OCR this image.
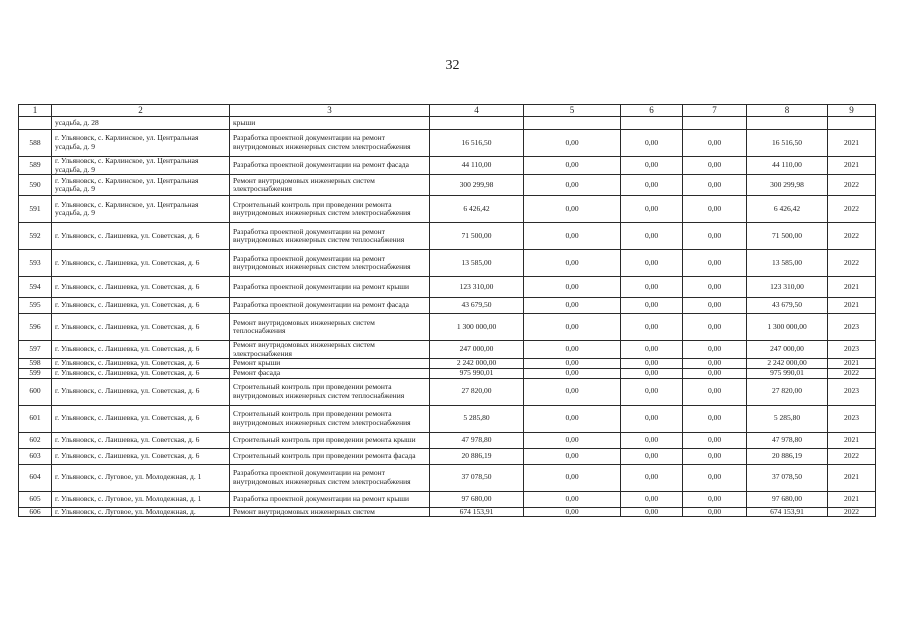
32
1	2	3	4	5	6	7	8	9
	усадьба, д. 28	крыши						
588	г. Ульяновск, с. Карлинское, ул. Центральная усадьба, д. 9	Разработка проектной документации на ремонт внутридомовых инженерных систем электроснабжения	16 516,50	0,00	0,00	0,00	16 516,50	2021
589	г. Ульяновск, с. Карлинское, ул. Центральная усадьба, д. 9	Разработка проектной документации на ремонт фасада	44 110,00	0,00	0,00	0,00	44 110,00	2021
590	г. Ульяновск, с. Карлинское, ул. Центральная усадьба, д. 9	Ремонт внутридомовых инженерных систем электроснабжения	300 299,98	0,00	0,00	0,00	300 299,98	2022
591	г. Ульяновск, с. Карлинское, ул. Центральная усадьба, д. 9	Строительный контроль при проведении ремонта внутридомовых инженерных систем электроснабжения	6 426,42	0,00	0,00	0,00	6 426,42	2022
592	г. Ульяновск, с. Лаишевка, ул. Советская, д. 6	Разработка проектной документации на ремонт внутридомовых инженерных систем теплоснабжения	71 500,00	0,00	0,00	0,00	71 500,00	2022
593	г. Ульяновск, с. Лаишевка, ул. Советская, д. 6	Разработка проектной документации на ремонт внутридомовых инженерных систем электроснабжения	13 585,00	0,00	0,00	0,00	13 585,00	2022
594	г. Ульяновск, с. Лаишевка, ул. Советская, д. 6	Разработка проектной документации на ремонт крыши	123 310,00	0,00	0,00	0,00	123 310,00	2021
595	г. Ульяновск, с. Лаишевка, ул. Советская, д. 6	Разработка проектной документации на ремонт фасада	43 679,50	0,00	0,00	0,00	43 679,50	2021
596	г. Ульяновск, с. Лаишевка, ул. Советская, д. 6	Ремонт внутридомовых инженерных систем теплоснабжения	1 300 000,00	0,00	0,00	0,00	1 300 000,00	2023
597	г. Ульяновск, с. Лаишевка, ул. Советская, д. 6	Ремонт внутридомовых инженерных систем электроснабжения	247 000,00	0,00	0,00	0,00	247 000,00	2023
598	г. Ульяновск, с. Лаишевка, ул. Советская, д. 6	Ремонт крыши	2 242 000,00	0,00	0,00	0,00	2 242 000,00	2021
599	г. Ульяновск, с. Лаишевка, ул. Советская, д. 6	Ремонт фасада	975 990,01	0,00	0,00	0,00	975 990,01	2022
600	г. Ульяновск, с. Лаишевка, ул. Советская, д. 6	Строительный контроль при проведении ремонта внутридомовых инженерных систем теплоснабжения	27 820,00	0,00	0,00	0,00	27 820,00	2023
601	г. Ульяновск, с. Лаишевка, ул. Советская, д. 6	Строительный контроль при проведении ремонта внутридомовых инженерных систем электроснабжения	5 285,80	0,00	0,00	0,00	5 285,80	2023
602	г. Ульяновск, с. Лаишевка, ул. Советская, д. 6	Строительный контроль при проведении ремонта крыши	47 978,80	0,00	0,00	0,00	47 978,80	2021
603	г. Ульяновск, с. Лаишевка, ул. Советская, д. 6	Строительный контроль при проведении ремонта фасада	20 886,19	0,00	0,00	0,00	20 886,19	2022
604	г. Ульяновск, с. Луговое, ул. Молодежная, д. 1	Разработка проектной документации на ремонт внутридомовых инженерных систем электроснабжения	37 078,50	0,00	0,00	0,00	37 078,50	2021
605	г. Ульяновск, с. Луговое, ул. Молодежная, д. 1	Разработка проектной документации на ремонт крыши	97 680,00	0,00	0,00	0,00	97 680,00	2021
606	г. Ульяновск, с. Луговое, ул. Молодежная, д.	Ремонт внутридомовых инженерных систем	674 153,91	0,00	0,00	0,00	674 153,91	2022
